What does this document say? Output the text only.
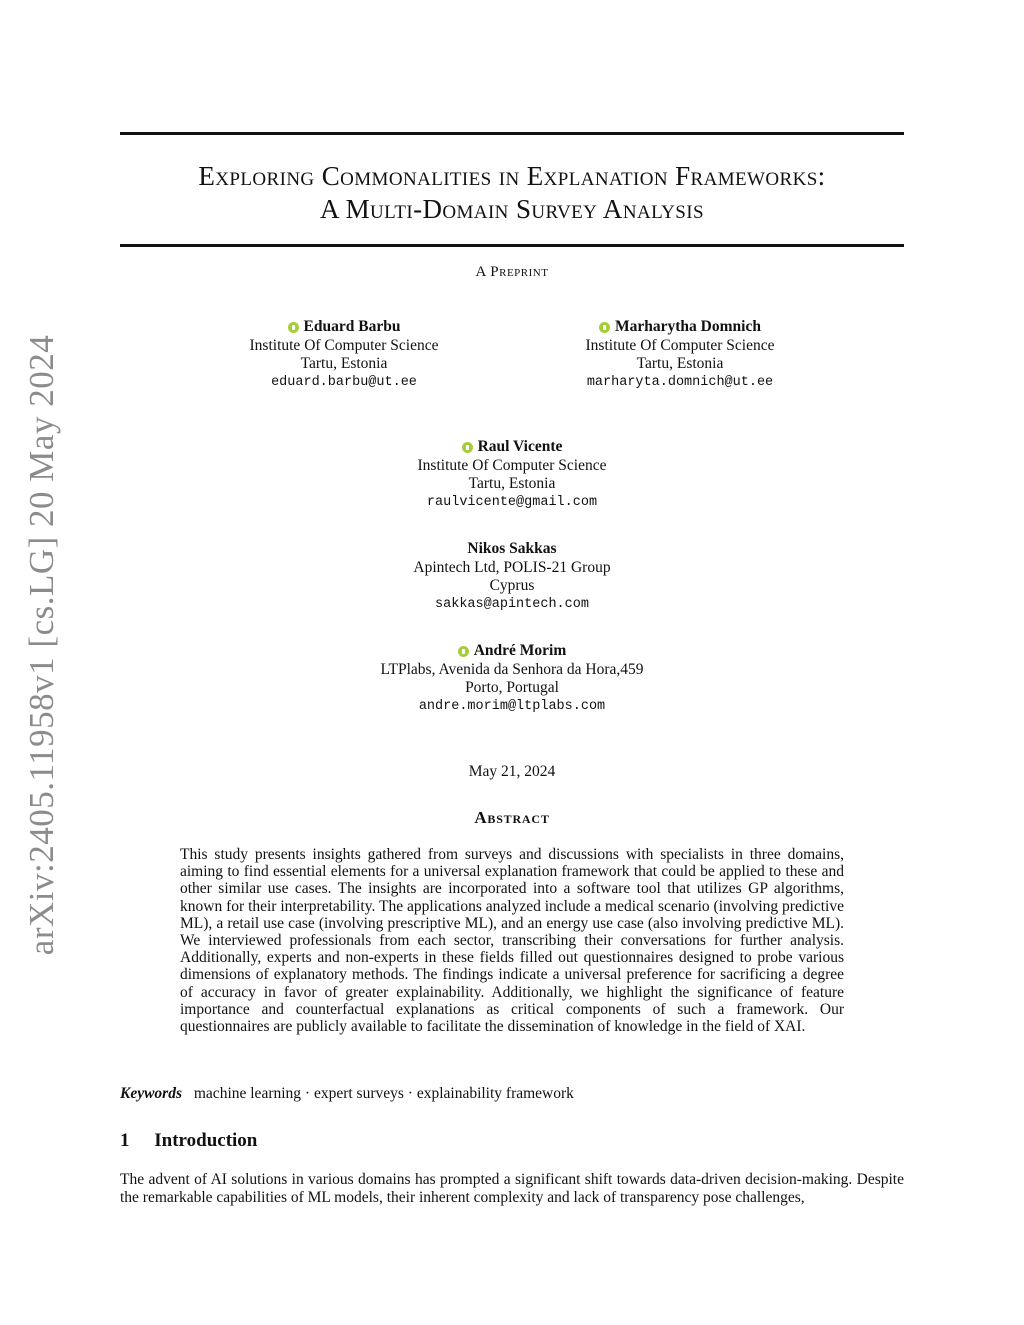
arXiv:2405.11958v1 [cs.LG] 20 May 2024
Exploring Commonalities in Explanation Frameworks:
A Multi-Domain Survey Analysis
A Preprint
Eduard Barbu
Institute Of Computer Science
Tartu, Estonia
eduard.barbu@ut.ee
Marharytha Domnich
Institute Of Computer Science
Tartu, Estonia
marharyta.domnich@ut.ee
Raul Vicente
Institute Of Computer Science
Tartu, Estonia
raulvicente@gmail.com
Nikos Sakkas
Apintech Ltd, POLIS-21 Group
Cyprus
sakkas@apintech.com
André Morim
LTPlabs, Avenida da Senhora da Hora,459
Porto, Portugal
andre.morim@ltplabs.com
May 21, 2024
Abstract
This study presents insights gathered from surveys and discussions with specialists in three domains, aiming to find essential elements for a universal explanation framework that could be applied to these and other similar use cases. The insights are incorporated into a software tool that utilizes GP algorithms, known for their interpretability. The applications analyzed include a medical scenario (involving predictive ML), a retail use case (involving prescriptive ML), and an energy use case (also involving predictive ML). We interviewed professionals from each sector, transcribing their conversations for further analysis. Additionally, experts and non-experts in these fields filled out questionnaires designed to probe various dimensions of explanatory methods. The findings indicate a universal preference for sacrificing a degree of accuracy in favor of greater explainability. Additionally, we highlight the significance of feature importance and counterfactual explanations as critical components of such a framework. Our questionnaires are publicly available to facilitate the dissemination of knowledge in the field of XAI.
Keywords machine learning · expert surveys · explainability framework
1 Introduction
The advent of AI solutions in various domains has prompted a significant shift towards data-driven decision-making. Despite the remarkable capabilities of ML models, their inherent complexity and lack of transparency pose challenges,
